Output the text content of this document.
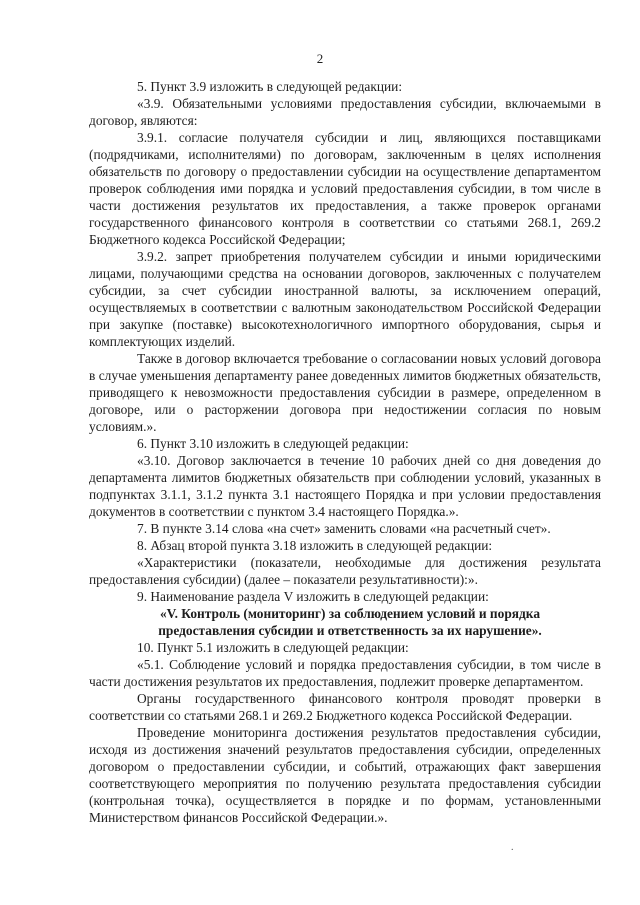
2

5. Пункт 3.9 изложить в следующей редакции:

«3.9. Обязательными условиями предоставления субсидии, включаемыми в договор, являются:

3.9.1. согласие получателя субсидии и лиц, являющихся поставщиками (подрядчиками, исполнителями) по договорам, заключенным в целях исполнения обязательств по договору о предоставлении субсидии на осуществление департаментом проверок соблюдения ими порядка и условий предоставления субсидии, в том числе в части достижения результатов их предоставления, а также проверок органами государственного финансового контроля в соответствии со статьями 268.1, 269.2 Бюджетного кодекса Российской Федерации;

3.9.2. запрет приобретения получателем субсидии и иными юридическими лицами, получающими средства на основании договоров, заключенных с получателем субсидии, за счет субсидии иностранной валюты, за исключением операций, осуществляемых в соответствии с валютным законодательством Российской Федерации при закупке (поставке) высокотехнологичного импортного оборудования, сырья и комплектующих изделий.

Также в договор включается требование о согласовании новых условий договора в случае уменьшения департаменту ранее доведенных лимитов бюджетных обязательств, приводящего к невозможности предоставления субсидии в размере, определенном в договоре, или о расторжении договора при недостижении согласия по новым условиям.».

6. Пункт 3.10 изложить в следующей редакции:

«3.10. Договор заключается в течение 10 рабочих дней со дня доведения до департамента лимитов бюджетных обязательств при соблюдении условий, указанных в подпунктах 3.1.1, 3.1.2 пункта 3.1 настоящего Порядка и при условии предоставления документов в соответствии с пунктом 3.4 настоящего Порядка.».

7. В пункте 3.14 слова «на счет» заменить словами «на расчетный счет».

8. Абзац второй пункта 3.18 изложить в следующей редакции:

«Характеристики (показатели, необходимые для достижения результата предоставления субсидии) (далее – показатели результативности):».

9. Наименование раздела V изложить в следующей редакции:

«V. Контроль (мониторинг) за соблюдением условий и порядка предоставления субсидии и ответственность за их нарушение».

10. Пункт 5.1 изложить в следующей редакции:

«5.1. Соблюдение условий и порядка предоставления субсидии, в том числе в части достижения результатов их предоставления, подлежит проверке департаментом.

Органы государственного финансового контроля проводят проверки в соответствии со статьями 268.1 и 269.2 Бюджетного кодекса Российской Федерации.

Проведение мониторинга достижения результатов предоставления субсидии, исходя из достижения значений результатов предоставления субсидии, определенных договором о предоставлении субсидии, и событий, отражающих факт завершения соответствующего мероприятия по получению результата предоставления субсидии (контрольная точка), осуществляется в порядке и по формам, установленными Министерством финансов Российской Федерации.».

.
